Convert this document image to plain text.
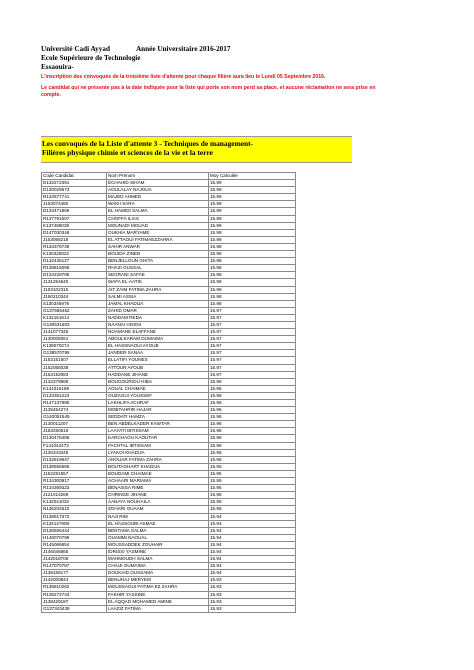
Université Cadi Ayyad	Année Universitaire 2016-2017
Ecole Supérieure de Technologie
Essaouira-

L'inscription des convoqués de la troisième liste d'attente pour chaque filière aura lieu le Lundi 05 Septembre 2016.

Le candidat qui ne présente pas à la date indiquée pour la liste qui porte son nom perd sa place, et aucune réclamation ne sera prise en compte.

Les convoqués de la Liste d'attente 3 - Techniques de management-
Filières physique chimie et sciences de la vie et la terre
Code Candidat	Nom Prénom	Moy Calculée
D132272391	ECHAHID SIHAM	15.99
D130029673	AOULALAY NAJOUA	15.99
R134577741	MAJED AHMED	15.99
J153074480	WAKII SARA	15.99
D134471869	EL HAMIDI SALMA	15.99
R137791507	CHOFFA ILIAS	15.99
K137488039	MOUNADI MOUAD	15.99
D147030346	OUKHIA MARYAME	15.99
J153066218	EL ATTAOUI FATIMAEZZAHRA	15.99
R134376739	SAHIR ANWAR	15.98
K130325022	BOUIDA ZINEB	15.98
D132435127	BENJELLOUN GHITA	15.98
R138816095	RHAZI OUSSAL	15.98
D134228785	SEGRANI SAFAE	15.98
J131254640	WAFA EL-AATIK	15.98
J153102315	AIT ZAIM FATIMA ZAHRA	15.98
J150210344	SALMI ASSIA	15.98
S130346978	JAMAL KHADIJA	15.98
G137555462	ZAHID OMAR	15.97
K132151614	NADDAM REDA	15.97
G130531603	NAANAI HOSNI	15.97
J141077345	NOAMANE ELAFFANE	15.97
J130005061	ABOULKARAM OUMAIMA	15.97
K139070274	EL HASSNAOUI AYOUB	15.97
G138570795	JANDER SANAA	15.97
J153151507	ELLATIFI YOUNES	15.97
J152055038	ATTOUR AYOUB	15.97
J153152083	HADDANE JIHANE	15.97
J132379988	BOUGOURIOU HIBA	15.96
K141015189	AOUAL CHAIMAE	15.96
D133351223	OUZAGUI YOUSSEF	15.96
R147137990	LAKHLIFA ACHRAF	15.96
J135454274	MOBTAHRIR HAJAR	15.96
G140051545	SEDDATI HAMZA	15.96
J130011207	BEN ABDELKADER KAWTAR	15.96
J153250616	LAAYATI IBTISSAM	15.96
D130478486	KARCHAOU KAOUTAR	15.96
F141042473	FACHTAL IBTISSAM	15.96
J130343345	LYAKOI KHADIJA	15.95
D132519647	ANOUAR FATIMA ZAHRA	15.95
D138556686	BOUTAGHART KHADIJA	15.95
J152281557	BOUDAMI CHAIMAE	15.95
R134300917	ACHAARI MARIAMA	15.95
R134369323	BENAISSA RIME	15.95
J121014269	CHRINGE JIHANE	15.95
K142041032	AANAYA NOUHAILA	15.95
N136202610	ZGHARI OUAAM	15.95
D138917372	NAJI RIM	15.94
K134147808	EL HASSOUBI ASMAE	15.94
D136555444	BENTAMA SALMA	15.94
H146070796	OUAMMI NAOUAL	15.94
R145066854	MOUSSADDEK ZOUHAIR	15.94
J146046865	IDRISSI YASMINE	15.94
J142018706	MAHMOUDH SALMA	15.94
R147070787	CHAIJI OUMAIMA	15.94
J138158177	DOUKAID OUSSAMA	15.94
J142000844	BENUHAJ MERYEM	15.93
R139810262	MOUSSAOUI FATIMA EZ ZAHRA	15.93
R139272733	FAKHIR YASSINE	15.93
J138429187	EL AQQAD MOHAMED AMINE	15.93
G137343438	LAAZIZ FATIMA	15.93
